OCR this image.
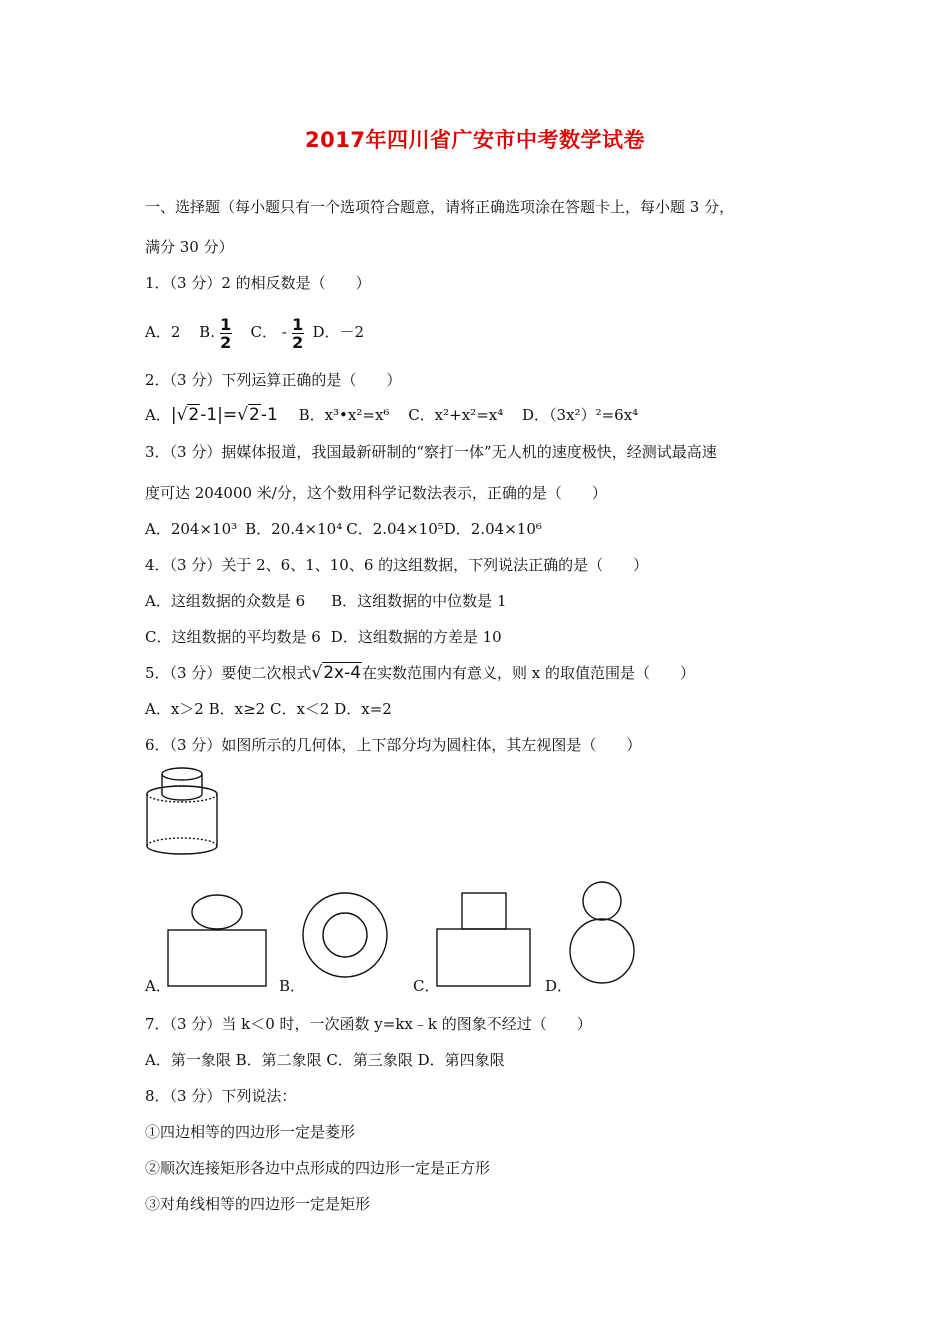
2017年四川省广安市中考数学试卷
一、选择题（每小题只有一个选项符合题意，请将正确选项涂在答题卡上，每小题 3 分，
满分 30 分）
1．（3 分）2 的相反数是（　　）
A．2 B. $\frac{1}{2}$ C． - $\frac{1}{2}$ D．－2
2．（3 分）下列运算正确的是（　　）
A．|√2-1|=√2-1 B．x³•x²=x⁶ C．x²+x²=x⁴ D．（3x²）²=6x⁴
3．（3 分）据媒体报道，我国最新研制的“察打一体”无人机的速度极快，经测试最高速
度可达 204000 米/分，这个数用科学记数法表示，正确的是（　　）
A．204×10³ B．20.4×10⁴ C．2.04×10⁵D．2.04×10⁶
4．（3 分）关于 2、6、1、10、6 的这组数据，下列说法正确的是（　　）
A．这组数据的众数是 6 B．这组数据的中位数是 1
C．这组数据的平均数是 6 D．这组数据的方差是 10
5．（3 分）要使二次根式√2x-4在实数范围内有意义，则 x 的取值范围是（　　）
A．x＞2 B．x≥2 C．x＜2 D．x=2
6．（3 分）如图所示的几何体，上下部分均为圆柱体，其左视图是（　　）
A．	B．	C．	D．
7．（3 分）当 k＜0 时，一次函数 y=kx﹣k 的图象不经过（　　）
A．第一象限 B．第二象限 C．第三象限 D．第四象限
8．（3 分）下列说法：
①四边相等的四边形一定是菱形
②顺次连接矩形各边中点形成的四边形一定是正方形
③对角线相等的四边形一定是矩形
